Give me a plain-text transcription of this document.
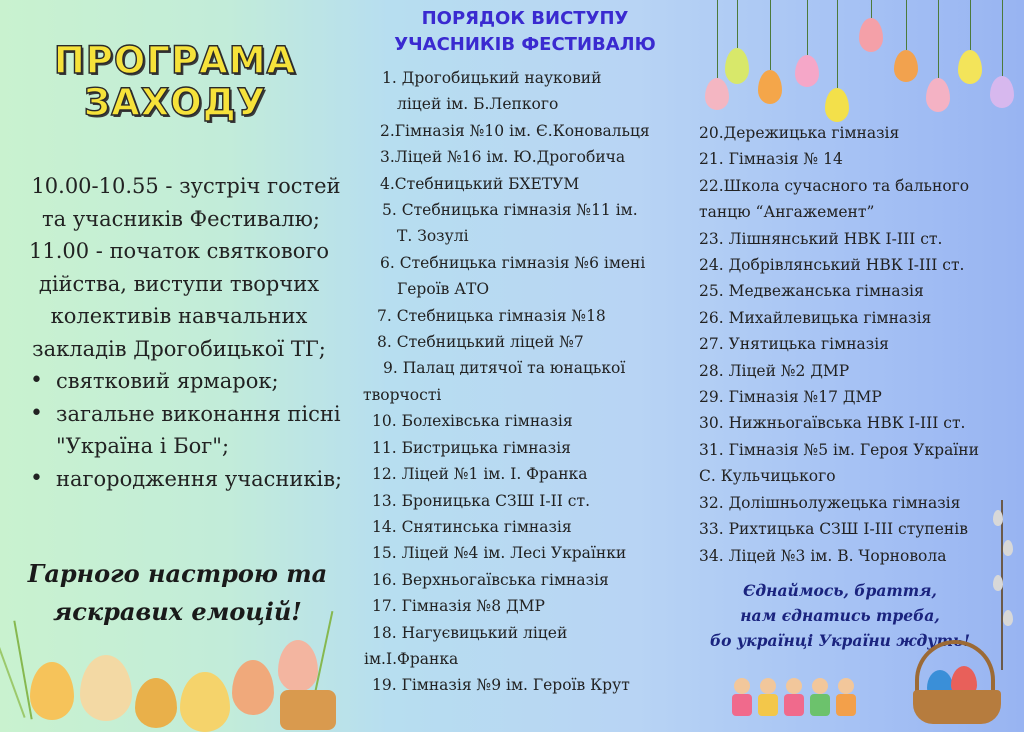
ПРОГРАМА
ЗАХОДУ

10.00-10.55 - зустріч гостей

та учасників Фестивалю;

11.00 - початок святкового

дійства, виступи творчих

колективів навчальних

закладів Дрогобицької ТГ;

• святковий ярмарок;
• загальне виконання пісні
"Україна і Бог";
• нагородження учасників;
Гарного настрою та
яскравих емоцій!
ПОРЯДОК ВИСТУПУ
УЧАСНИКІВ ФЕСТИВАЛЮ
1. Дрогобицький науковий
ліцей ім. Б.Лепкого
2.Гімназія №10 ім. Є.Коновальця
3.Ліцей №16 ім. Ю.Дрогобича
4.Стебницький БХЕТУМ
5. Стебницька гімназія №11 ім.
Т. Зозулі
6. Стебницька гімназія №6 імені
Героїв АТО
7. Стебницька гімназія №18
8. Стебницький ліцей №7
9. Палац дитячої та юнацької
творчості
10. Болехівська гімназія
11. Бистрицька гімназія
12. Ліцей №1 ім. І. Франка
13. Броницька СЗШ І-ІІ ст.
14. Снятинська гімназія
15. Ліцей №4 ім. Лесі Українки
16. Верхньогаївська гімназія
17. Гімназія №8 ДМР
18. Нагуєвицький ліцей
ім.І.Франка
19. Гімназія №9 ім. Героїв Крут
20.Дережицька гімназія
21. Гімназія № 14
22.Школа сучасного та бального
танцю “Ангажемент”
23. Лішнянський НВК І-ІІІ ст.
24. Добрівлянський НВК І-ІІІ ст.
25. Медвежанська гімназія
26. Михайлевицька гімназія
27. Унятицька гімназія
28. Ліцей №2 ДМР
29. Гімназія №17 ДМР
30. Нижньогаївська НВК І-ІІІ ст.
31. Гімназія №5 ім. Героя України
С. Кульчицького
32. Долішньолужецька гімназія
33. Рихтицька СЗШ І-ІІІ ступенів
34. Ліцей №3 ім. В. Чорновола
Єднаймось, браття,
нам єднатись треба,
бо українці України ждуть!
